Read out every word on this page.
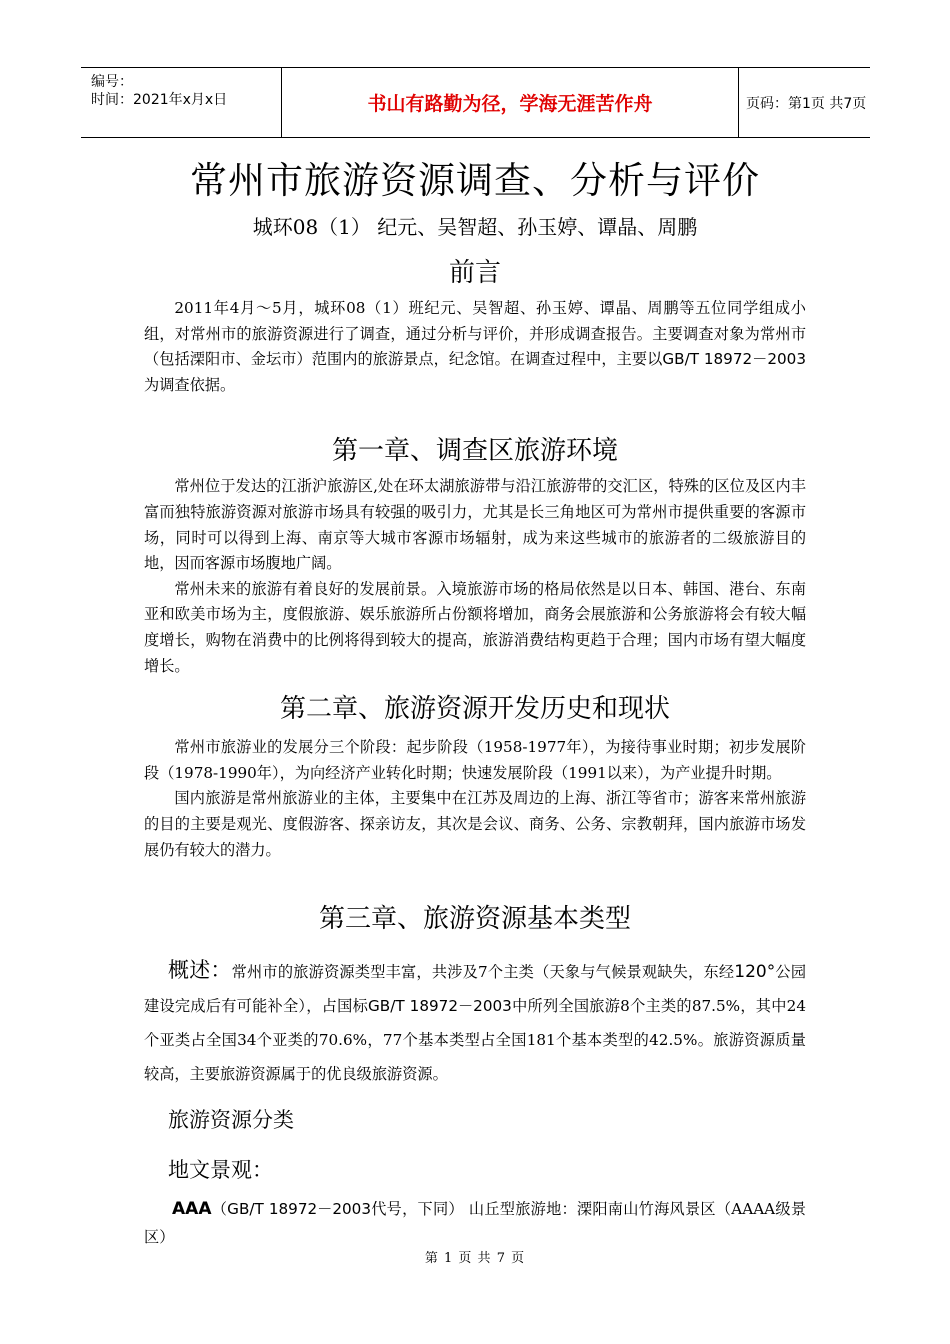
编号：
时间：2021年x月x日	书山有路勤为径，学海无涯苦作舟	页码：第1页 共7页
常州市旅游资源调查、分析与评价
城环08（1） 纪元、吴智超、孙玉婷、谭晶、周鹏
前言

2011年4月～5月，城环08（1）班纪元、吴智超、孙玉婷、谭晶、周鹏等五位同学组成小组，对常州市的旅游资源进行了调查，通过分析与评价，并形成调查报告。主要调查对象为常州市（包括溧阳市、金坛市）范围内的旅游景点，纪念馆。在调查过程中，主要以GB/T 18972－2003为调查依据。

第一章、调查区旅游环境

常州位于发达的江浙沪旅游区,处在环太湖旅游带与沿江旅游带的交汇区，特殊的区位及区内丰富而独特旅游资源对旅游市场具有较强的吸引力，尤其是长三角地区可为常州市提供重要的客源市场，同时可以得到上海、南京等大城市客源市场辐射，成为来这些城市的旅游者的二级旅游目的地，因而客源市场腹地广阔。

常州未来的旅游有着良好的发展前景。入境旅游市场的格局依然是以日本、韩国、港台、东南亚和欧美市场为主，度假旅游、娱乐旅游所占份额将增加，商务会展旅游和公务旅游将会有较大幅度增长，购物在消费中的比例将得到较大的提高，旅游消费结构更趋于合理；国内市场有望大幅度增长。

第二章、旅游资源开发历史和现状

常州市旅游业的发展分三个阶段：起步阶段（1958-1977年），为接待事业时期；初步发展阶段（1978-1990年），为向经济产业转化时期；快速发展阶段（1991以来），为产业提升时期。

国内旅游是常州旅游业的主体，主要集中在江苏及周边的上海、浙江等省市；游客来常州旅游的目的主要是观光、度假游客、探亲访友，其次是会议、商务、公务、宗教朝拜，国内旅游市场发展仍有较大的潜力。

第三章、旅游资源基本类型

概述：常州市的旅游资源类型丰富，共涉及7个主类（天象与气候景观缺失，东经120°公园建设完成后有可能补全），占国标GB/T 18972－2003中所列全国旅游8个主类的87.5%，其中24个亚类占全国34个亚类的70.6%，77个基本类型占全国181个基本类型的42.5%。旅游资源质量较高，主要旅游资源属于的优良级旅游资源。

旅游资源分类
地文景观：

AAA（GB/T 18972－2003代号，下同） 山丘型旅游地：溧阳南山竹海风景区（AAAA级景区）

第 1 页 共 7 页
